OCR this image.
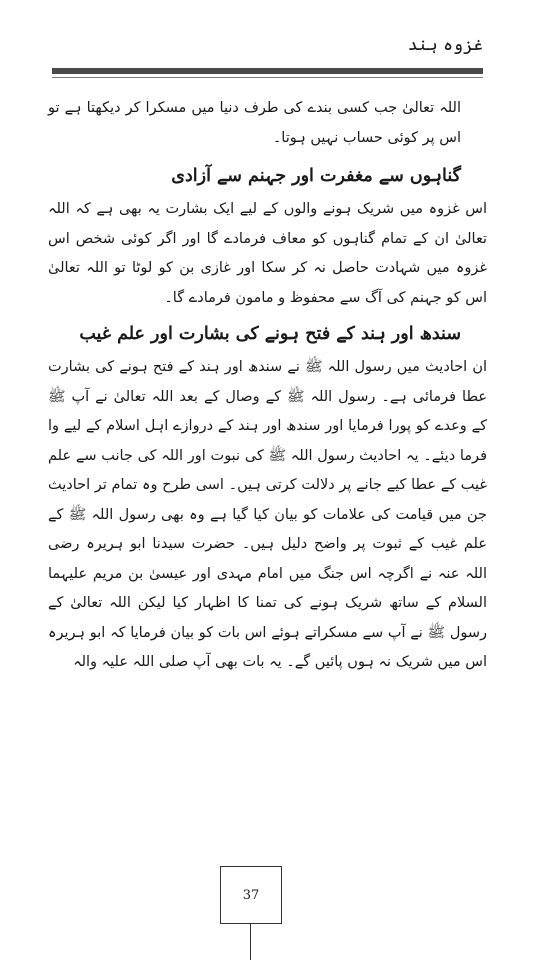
غزوہ ہند

اللہ تعالیٰ جب کسی بندے کی طرف دنیا میں مسکرا کر دیکھتا ہے تو اس پر کوئی حساب نہیں ہوتا۔

گناہوں سے مغفرت اور جہنم سے آزادی

اس غزوہ میں شریک ہونے والوں کے لیے ایک بشارت یہ بھی ہے کہ اللہ تعالیٰ ان کے تمام گناہوں کو معاف فرمادے گا اور اگر کوئی شخص اس غزوہ میں شہادت حاصل نہ کر سکا اور غازی بن کو لوٹا تو اللہ تعالیٰ اس کو جہنم کی آگ سے محفوظ و مامون فرمادے گا۔

سندھ اور ہند کے فتح ہونے کی بشارت اور علم غیب

ان احادیث میں رسول اللہ ﷺ نے سندھ اور ہند کے فتح ہونے کی بشارت عطا فرمائی ہے۔ رسول اللہ ﷺ کے وصال کے بعد اللہ تعالیٰ نے آپ ﷺ کے وعدے کو پورا فرمایا اور سندھ اور ہند کے دروازے اہل اسلام کے لیے وا فرما دیئے۔ یہ احادیث رسول اللہ ﷺ کی نبوت اور اللہ کی جانب سے علم غیب کے عطا کیے جانے پر دلالت کرتی ہیں۔ اسی طرح وہ تمام تر احادیث جن میں قیامت کی علامات کو بیان کیا گیا ہے وہ بھی رسول اللہ ﷺ کے علم غیب کے ثبوت پر واضح دلیل ہیں۔ حضرت سیدنا ابو ہریرہ رضی اللہ عنہ نے اگرچہ اس جنگ میں امام مہدی اور عیسیٰ بن مریم علیہما السلام کے ساتھ شریک ہونے کی تمنا کا اظہار کیا لیکن اللہ تعالیٰ کے رسول ﷺ نے آپ سے مسکراتے ہوئے اس بات کو بیان فرمایا کہ ابو ہریرہ اس میں شریک نہ ہوں پائیں گے۔ یہ بات بھی آپ صلی اللہ علیہ والہ

37
